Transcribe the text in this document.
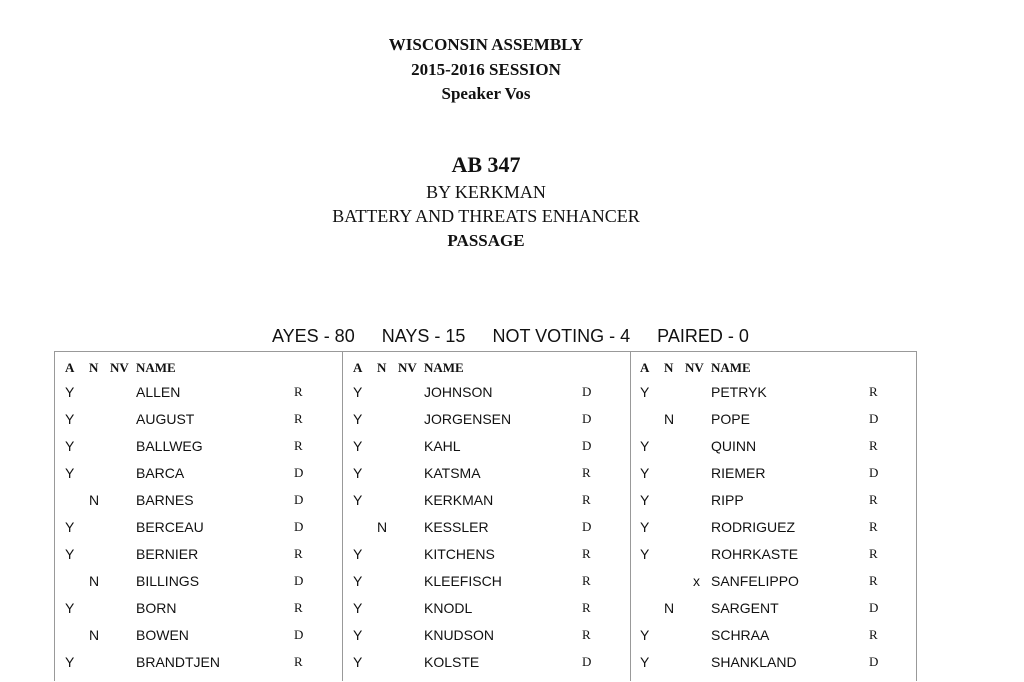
WISCONSIN ASSEMBLY
2015-2016 SESSION
Speaker Vos
AB 347
BY KERKMAN
BATTERY AND THREATS ENHANCER
PASSAGE
AYES - 80 NAYS - 15 NOT VOTING - 4 PAIRED - 0
A N NV NAME
Y	ALLEN	R
Y	AUGUST	R
Y	BALLWEG	R
Y	BARCA	D
N	BARNES	D
Y	BERCEAU	D
Y	BERNIER	R
N	BILLINGS	D
Y	BORN	R
N	BOWEN	D
Y	BRANDTJEN	R
A N NV NAME
Y	JOHNSON	D
Y	JORGENSEN	D
Y	KAHL	D
Y	KATSMA	R
Y	KERKMAN	R
N	KESSLER	D
Y	KITCHENS	R
Y	KLEEFISCH	R
Y	KNODL	R
Y	KNUDSON	R
Y	KOLSTE	D
A N NV NAME
Y	PETRYK	R
N	POPE	D
Y	QUINN	R
Y	RIEMER	D
Y	RIPP	R
Y	RODRIGUEZ	R
Y	ROHRKASTE	R
x SANFELIPPO	R
N	SARGENT	D
Y	SCHRAA	R
Y	SHANKLAND	D
